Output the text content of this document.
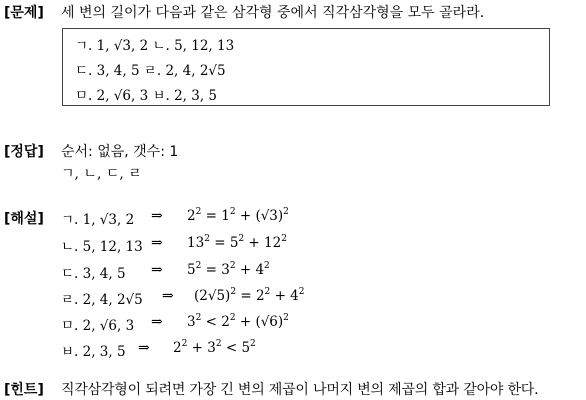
[문제] 세 변의 길이가 다음과 같은 삼각형 중에서 직각삼각형을 모두 골라라.
ㄱ. 1, √3, 2 ㄴ. 5, 12, 13
ㄷ. 3, 4, 5 ㄹ. 2, 4, 2√5
ㅁ. 2, √6, 3 ㅂ. 2, 3, 5
[정답] 순서: 없음, 갯수: 1
ㄱ, ㄴ, ㄷ, ㄹ
[해설] ㄱ. 1, √3, 2 ⇒ $2^2 = 1^2 + (√3)^2$
ㄴ. 5, 12, 13 ⇒ $13^2 = 5^2 + 12^2$
ㄷ. 3, 4, 5 ⇒ $5^2 = 3^2 + 4^2$
ㄹ. 2, 4, 2√5 ⇒ $(2√5)^2 = 2^2 + 4^2$
ㅁ. 2, √6, 3 ⇒ $3^2 < 2^2 + (√6)^2$
ㅂ. 2, 3, 5 ⇒ $2^2 + 3^2 < 5^2$
[힌트] 직각삼각형이 되려면 가장 긴 변의 제곱이 나머지 변의 제곱의 합과 같아야 한다.
